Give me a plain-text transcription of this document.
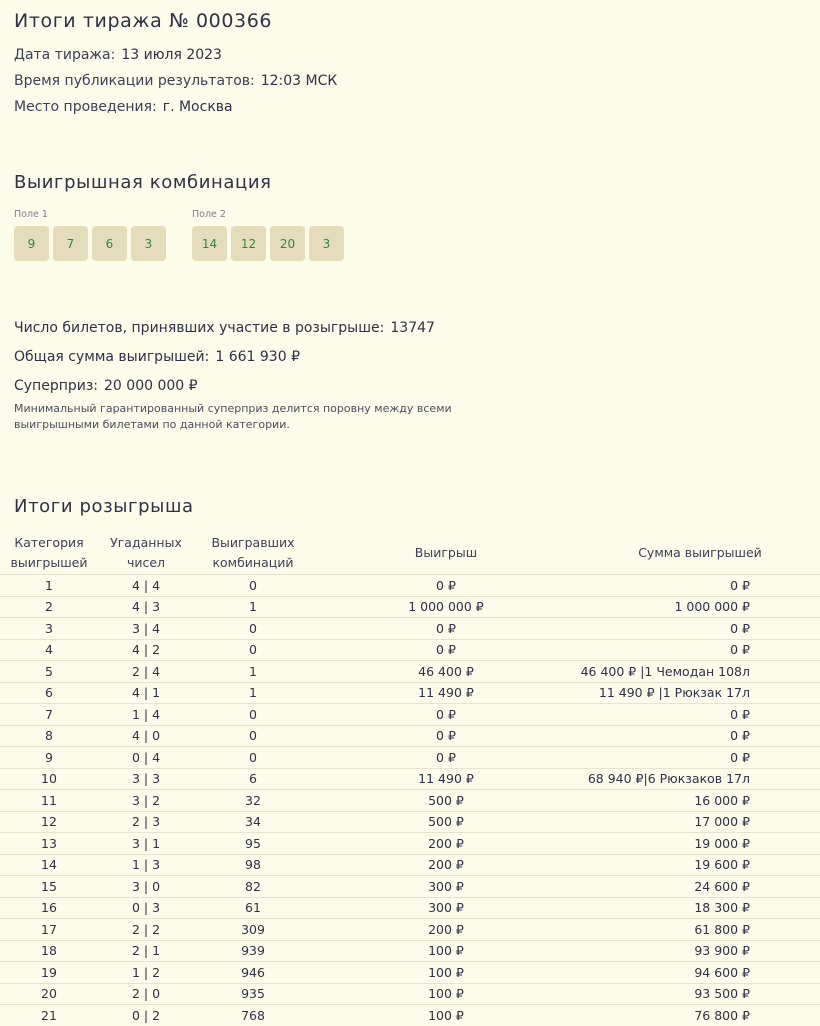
Итоги тиража № 000366
Дата тиража: 13 июля 2023
Время публикации результатов: 12:03 МСК
Место проведения: г. Москва
Выигрышная комбинация
Поле 1
9	7	6	3
Поле 2
14	12	20	3
Число билетов, принявших участие в розыгрыше: 13747
Общая сумма выигрышей: 1 661 930 ₽
Суперприз: 20 000 000 ₽
Минимальный гарантированный суперприз делится поровну между всеми выигрышными билетами по данной категории.
Итоги розыгрыша
Категория выигрышей	Угаданных чисел	Выигравших комбинаций	Выигрыш	Сумма выигрышей
1	4 | 4	0	0 ₽	0 ₽
2	4 | 3	1	1 000 000 ₽	1 000 000 ₽
3	3 | 4	0	0 ₽	0 ₽
4	4 | 2	0	0 ₽	0 ₽
5	2 | 4	1	46 400 ₽	46 400 ₽ |1 Чемодан 108л
6	4 | 1	1	11 490 ₽	11 490 ₽ |1 Рюкзак 17л
7	1 | 4	0	0 ₽	0 ₽
8	4 | 0	0	0 ₽	0 ₽
9	0 | 4	0	0 ₽	0 ₽
10	3 | 3	6	11 490 ₽	68 940 ₽|6 Рюкзаков 17л
11	3 | 2	32	500 ₽	16 000 ₽
12	2 | 3	34	500 ₽	17 000 ₽
13	3 | 1	95	200 ₽	19 000 ₽
14	1 | 3	98	200 ₽	19 600 ₽
15	3 | 0	82	300 ₽	24 600 ₽
16	0 | 3	61	300 ₽	18 300 ₽
17	2 | 2	309	200 ₽	61 800 ₽
18	2 | 1	939	100 ₽	93 900 ₽
19	1 | 2	946	100 ₽	94 600 ₽
20	2 | 0	935	100 ₽	93 500 ₽
21	0 | 2	768	100 ₽	76 800 ₽
